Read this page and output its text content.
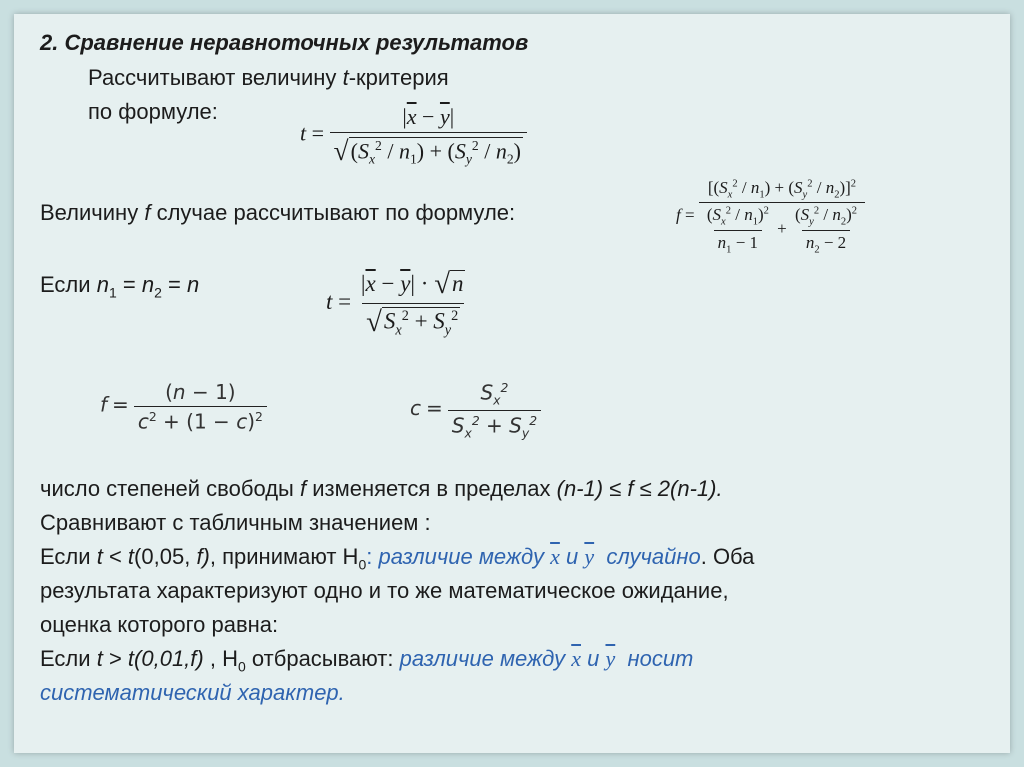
2. Сравнение неравноточных результатов
Рассчитывают величину t-критерия
по формуле:
$t = \frac{|\overline{x} - \overline{y}|}{√(S_x^2 / n_1) + (S_y^2 / n_2)}$
Величину f случае рассчитывают по формуле:	$f = \frac{[(S_x^2 / n_1) + (S_y^2 / n_2)]^2}{\frac{(S_x^2 / n_1)^2}{n_1 - 1} + \frac{(S_y^2 / n_2)^2}{n_2 - 2}}$
Если $n_1 = n_2 = n$
$t = \frac{|\overline{x} - \overline{y}| \cdot √n}{√S_x^2 + S_y^2}$
$f = \frac{(n - 1)}{c^2 + (1 - c)^2}$	$c = \frac{S_x^2}{S_x^2 + S_y^2}$
число степеней свободы f изменяется в пределах (n-1) ≤ f ≤ 2(n-1).
Сравнивают с табличным значением :
Если t < t(0,05, f), принимают $H_0$: различие между $\overline{x}$ и $\overline{y}$ случайно. Оба
результата характеризуют одно и то же математическое ожидание,
оценка которого равна:
Если t > t(0,01,f) , $H_0$ отбрасывают: различие между $\overline{x}$ и $\overline{y}$ носит
систематический характер.
